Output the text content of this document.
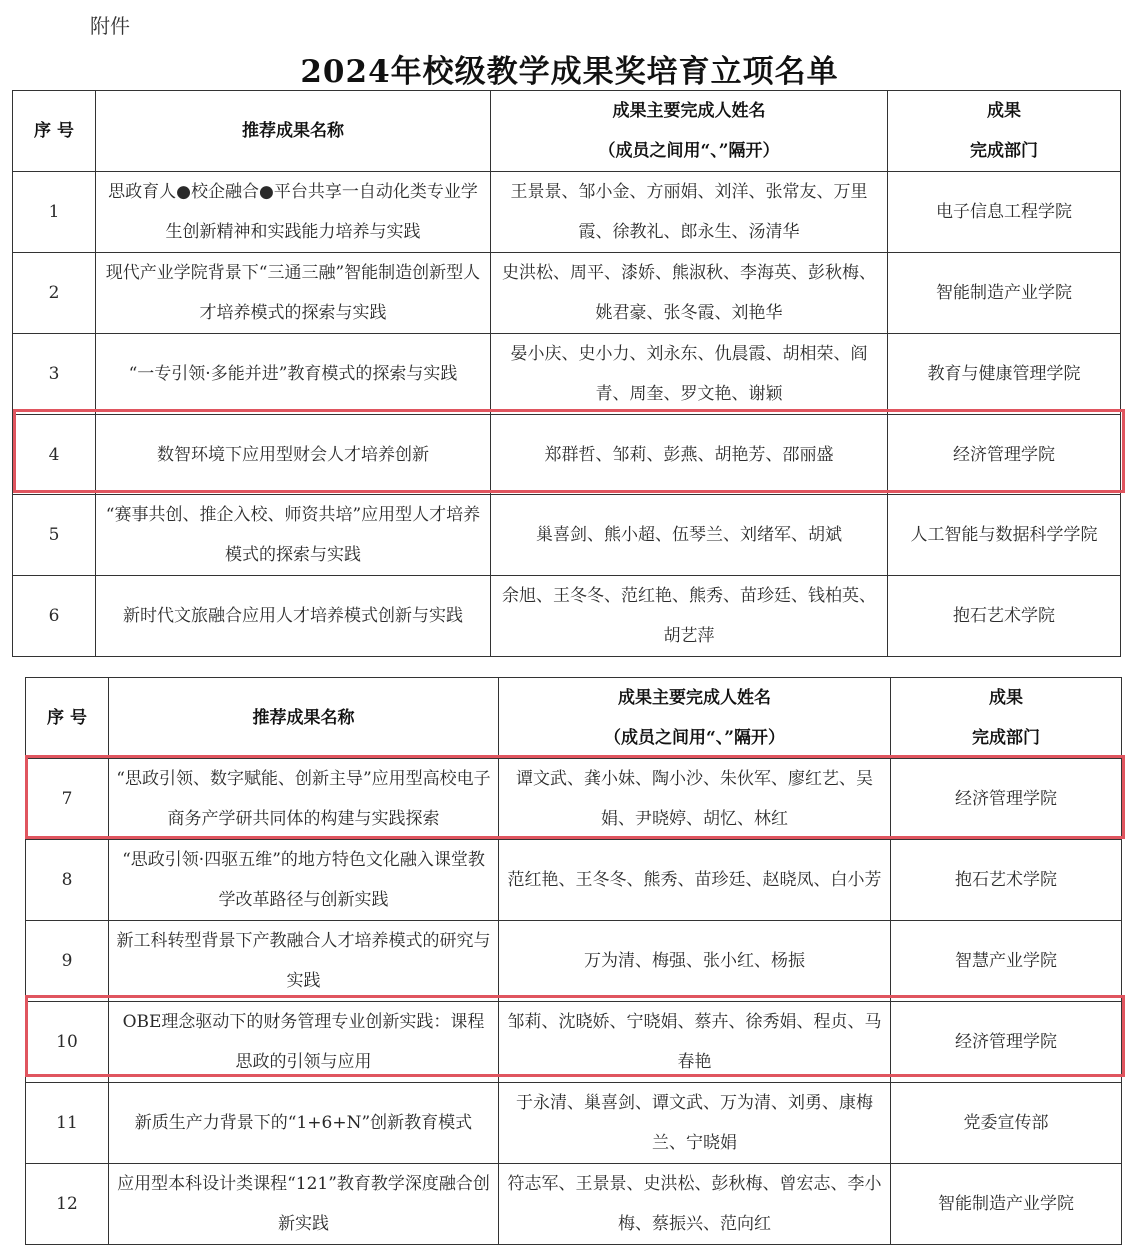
附件
2024年校级教学成果奖培育立项名单
序 号	推荐成果名称	成果主要完成人姓名
（成员之间用“、”隔开）	成果
完成部门
1	思政育人●校企融合●平台共享一自动化类专业学生创新精神和实践能力培养与实践	王景景、邹小金、方丽娟、刘洋、张常友、万里霞、徐教礼、郎永生、汤清华	电子信息工程学院
2	现代产业学院背景下“三通三融”智能制造创新型人才培养模式的探索与实践	史洪松、周平、漆娇、熊淑秋、李海英、彭秋梅、姚君豪、张冬霞、刘艳华	智能制造产业学院
3	“一专引领·多能并进”教育模式的探索与实践	晏小庆、史小力、刘永东、仇晨霞、胡相荣、阎青、周奎、罗文艳、谢颖	教育与健康管理学院
4	数智环境下应用型财会人才培养创新	郑群哲、邹莉、彭燕、胡艳芳、邵丽盛	经济管理学院
5	“赛事共创、推企入校、师资共培”应用型人才培养模式的探索与实践	巢喜剑、熊小超、伍琴兰、刘绪军、胡斌	人工智能与数据科学学院
6	新时代文旅融合应用人才培养模式创新与实践	余旭、王冬冬、范红艳、熊秀、苗珍廷、钱柏英、胡艺萍	抱石艺术学院
序 号	推荐成果名称	成果主要完成人姓名
（成员之间用“、”隔开）	成果
完成部门
7	“思政引领、数字赋能、创新主导”应用型高校电子商务产学研共同体的构建与实践探索	谭文武、龚小妹、陶小沙、朱伙军、廖红艺、吴娟、尹晓婷、胡忆、林红	经济管理学院
8	“思政引领·四驱五维”的地方特色文化融入课堂教学改革路径与创新实践	范红艳、王冬冬、熊秀、苗珍廷、赵晓凤、白小芳	抱石艺术学院
9	新工科转型背景下产教融合人才培养模式的研究与实践	万为清、梅强、张小红、杨振	智慧产业学院
10	OBE理念驱动下的财务管理专业创新实践：课程思政的引领与应用	邹莉、沈晓娇、宁晓娟、蔡卉、徐秀娟、程贞、马春艳	经济管理学院
11	新质生产力背景下的“1+6+N”创新教育模式	于永清、巢喜剑、谭文武、万为清、刘勇、康梅兰、宁晓娟	党委宣传部
12	应用型本科设计类课程“121”教育教学深度融合创新实践	符志军、王景景、史洪松、彭秋梅、曾宏志、李小梅、蔡振兴、范向红	智能制造产业学院
